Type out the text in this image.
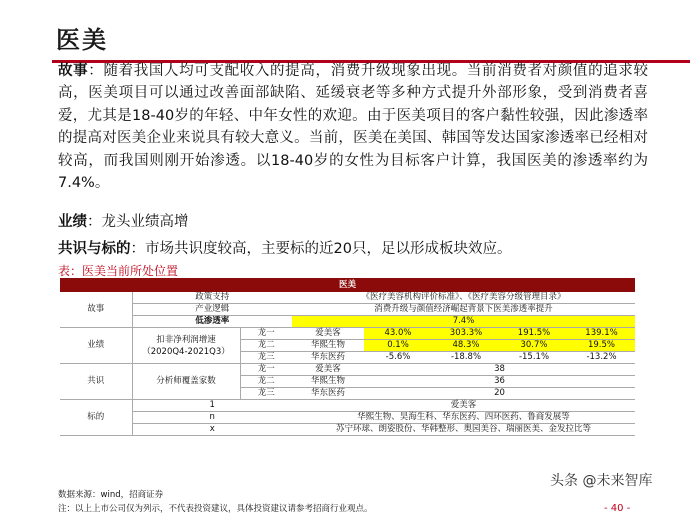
医美
故事：随着我国人均可支配收入的提高，消费升级现象出现。当前消费者对颜值的追求较高，医美项目可以通过改善面部缺陷、延缓衰老等多种方式提升外部形象，受到消费者喜爱，尤其是18-40岁的年轻、中年女性的欢迎。由于医美项目的客户黏性较强，因此渗透率的提高对医美企业来说具有较大意义。当前，医美在美国、韩国等发达国家渗透率已经相对较高，而我国则刚开始渗透。以18-40岁的女性为目标客户计算，我国医美的渗透率约为7.4%。
业绩：龙头业绩高增
共识与标的：市场共识度较高，主要标的近20只，足以形成板块效应。
表：医美当前所处位置
医美							
故事	政策支持		《医疗美容机构评价标准》、《医疗美容分级管理目录》				
	产业逻辑		消费升级与颜值经济崛起背景下医美渗透率提升				
	低渗透率		7.4%				
业绩	扣非净利润增速
（2020Q4-2021Q3）	龙一	爱美客	43.0%	303.3%	191.5%	139.1%
		龙二	华熙生物	0.1%	48.3%	30.7%	19.5%
		龙三	华东医药	-5.6%	-18.8%	-15.1%	-13.2%
共识	分析师覆盖家数	龙一	爱美客	38			
		龙二	华熙生物	36			
		龙三	华东医药	20			
标的	1		爱美客				
	n		华熙生物、昊海生科、华东医药、四环医药、鲁商发展等				
	x		苏宁环球、朗姿股份、华韩整形、奥园美谷、瑞丽医美、金发拉比等				
数据来源：wind，招商证券
注：以上上市公司仅为列示，不代表投资建议，具体投资建议请参考招商行业观点。
头条 @未来智库
- 40 -
